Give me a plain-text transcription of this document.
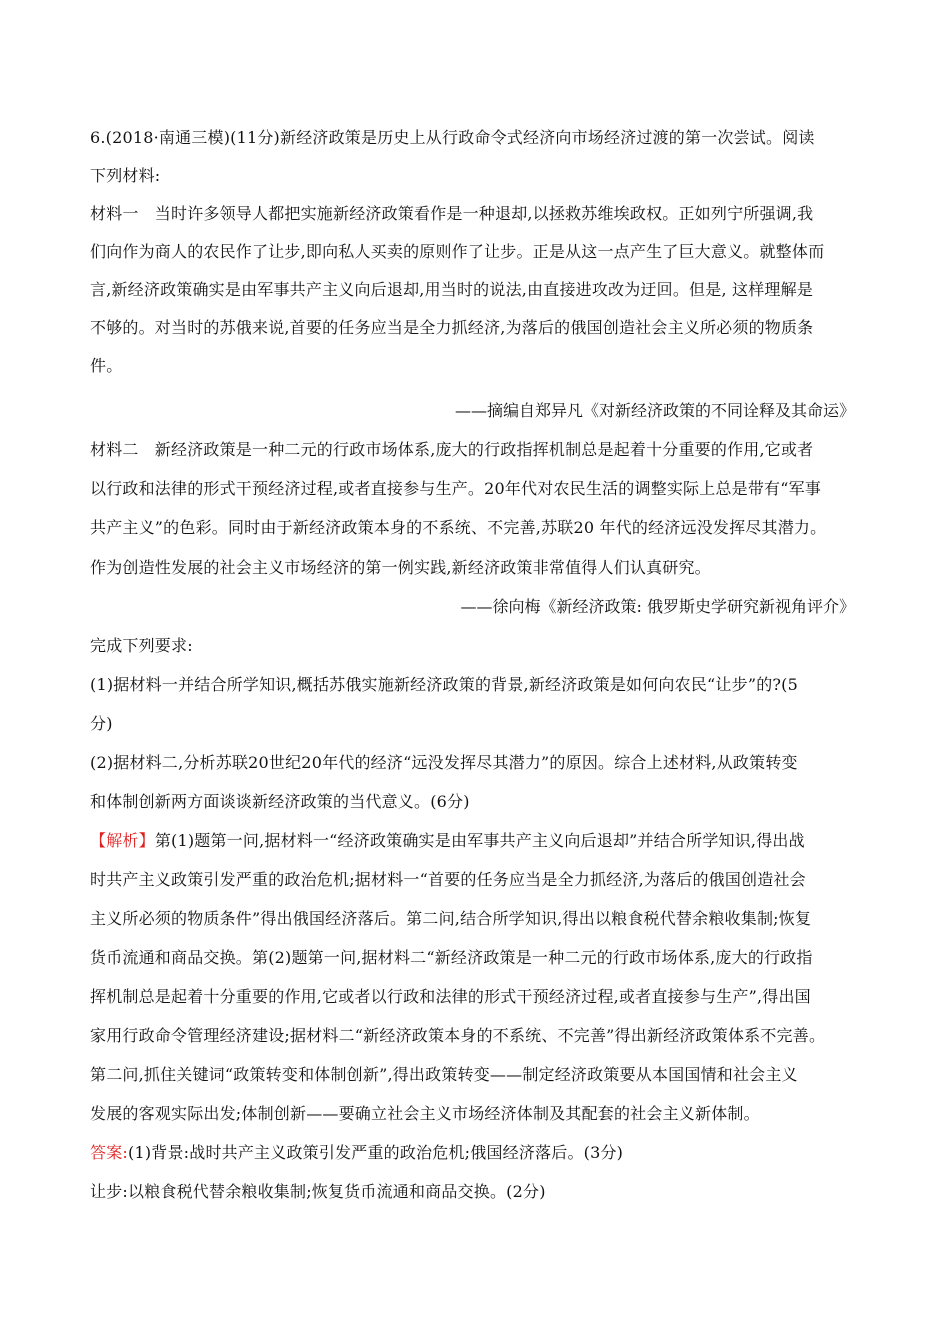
6.(2018·南通三模)(11分)新经济政策是历史上从行政命令式经济向市场经济过渡的第一次尝试。阅读
下列材料:
材料一　当时许多领导人都把实施新经济政策看作是一种退却,以拯救苏维埃政权。正如列宁所强调,我
们向作为商人的农民作了让步,即向私人买卖的原则作了让步。正是从这一点产生了巨大意义。就整体而
言,新经济政策确实是由军事共产主义向后退却,用当时的说法,由直接进攻改为迂回。但是, 这样理解是
不够的。对当时的苏俄来说,首要的任务应当是全力抓经济,为落后的俄国创造社会主义所必须的物质条
件。
——摘编自郑异凡《对新经济政策的不同诠释及其命运》
材料二　新经济政策是一种二元的行政市场体系,庞大的行政指挥机制总是起着十分重要的作用,它或者
以行政和法律的形式干预经济过程,或者直接参与生产。20年代对农民生活的调整实际上总是带有“军事
共产主义”的色彩。同时由于新经济政策本身的不系统、不完善,苏联20 年代的经济远没发挥尽其潜力。
作为创造性发展的社会主义市场经济的第一例实践,新经济政策非常值得人们认真研究。
——徐向梅《新经济政策: 俄罗斯史学研究新视角评介》
完成下列要求:
(1)据材料一并结合所学知识,概括苏俄实施新经济政策的背景,新经济政策是如何向农民“让步”的?(5
分)
(2)据材料二,分析苏联20世纪20年代的经济“远没发挥尽其潜力”的原因。综合上述材料,从政策转变
和体制创新两方面谈谈新经济政策的当代意义。(6分)
【解析】第(1)题第一问,据材料一“经济政策确实是由军事共产主义向后退却”并结合所学知识,得出战
时共产主义政策引发严重的政治危机;据材料一“首要的任务应当是全力抓经济,为落后的俄国创造社会
主义所必须的物质条件”得出俄国经济落后。第二问,结合所学知识,得出以粮食税代替余粮收集制;恢复
货币流通和商品交换。第(2)题第一问,据材料二“新经济政策是一种二元的行政市场体系,庞大的行政指
挥机制总是起着十分重要的作用,它或者以行政和法律的形式干预经济过程,或者直接参与生产”,得出国
家用行政命令管理经济建设;据材料二“新经济政策本身的不系统、不完善”得出新经济政策体系不完善。
第二问,抓住关键词“政策转变和体制创新”,得出政策转变——制定经济政策要从本国国情和社会主义
发展的客观实际出发;体制创新——要确立社会主义市场经济体制及其配套的社会主义新体制。
答案:(1)背景:战时共产主义政策引发严重的政治危机;俄国经济落后。(3分)
让步:以粮食税代替余粮收集制;恢复货币流通和商品交换。(2分)
